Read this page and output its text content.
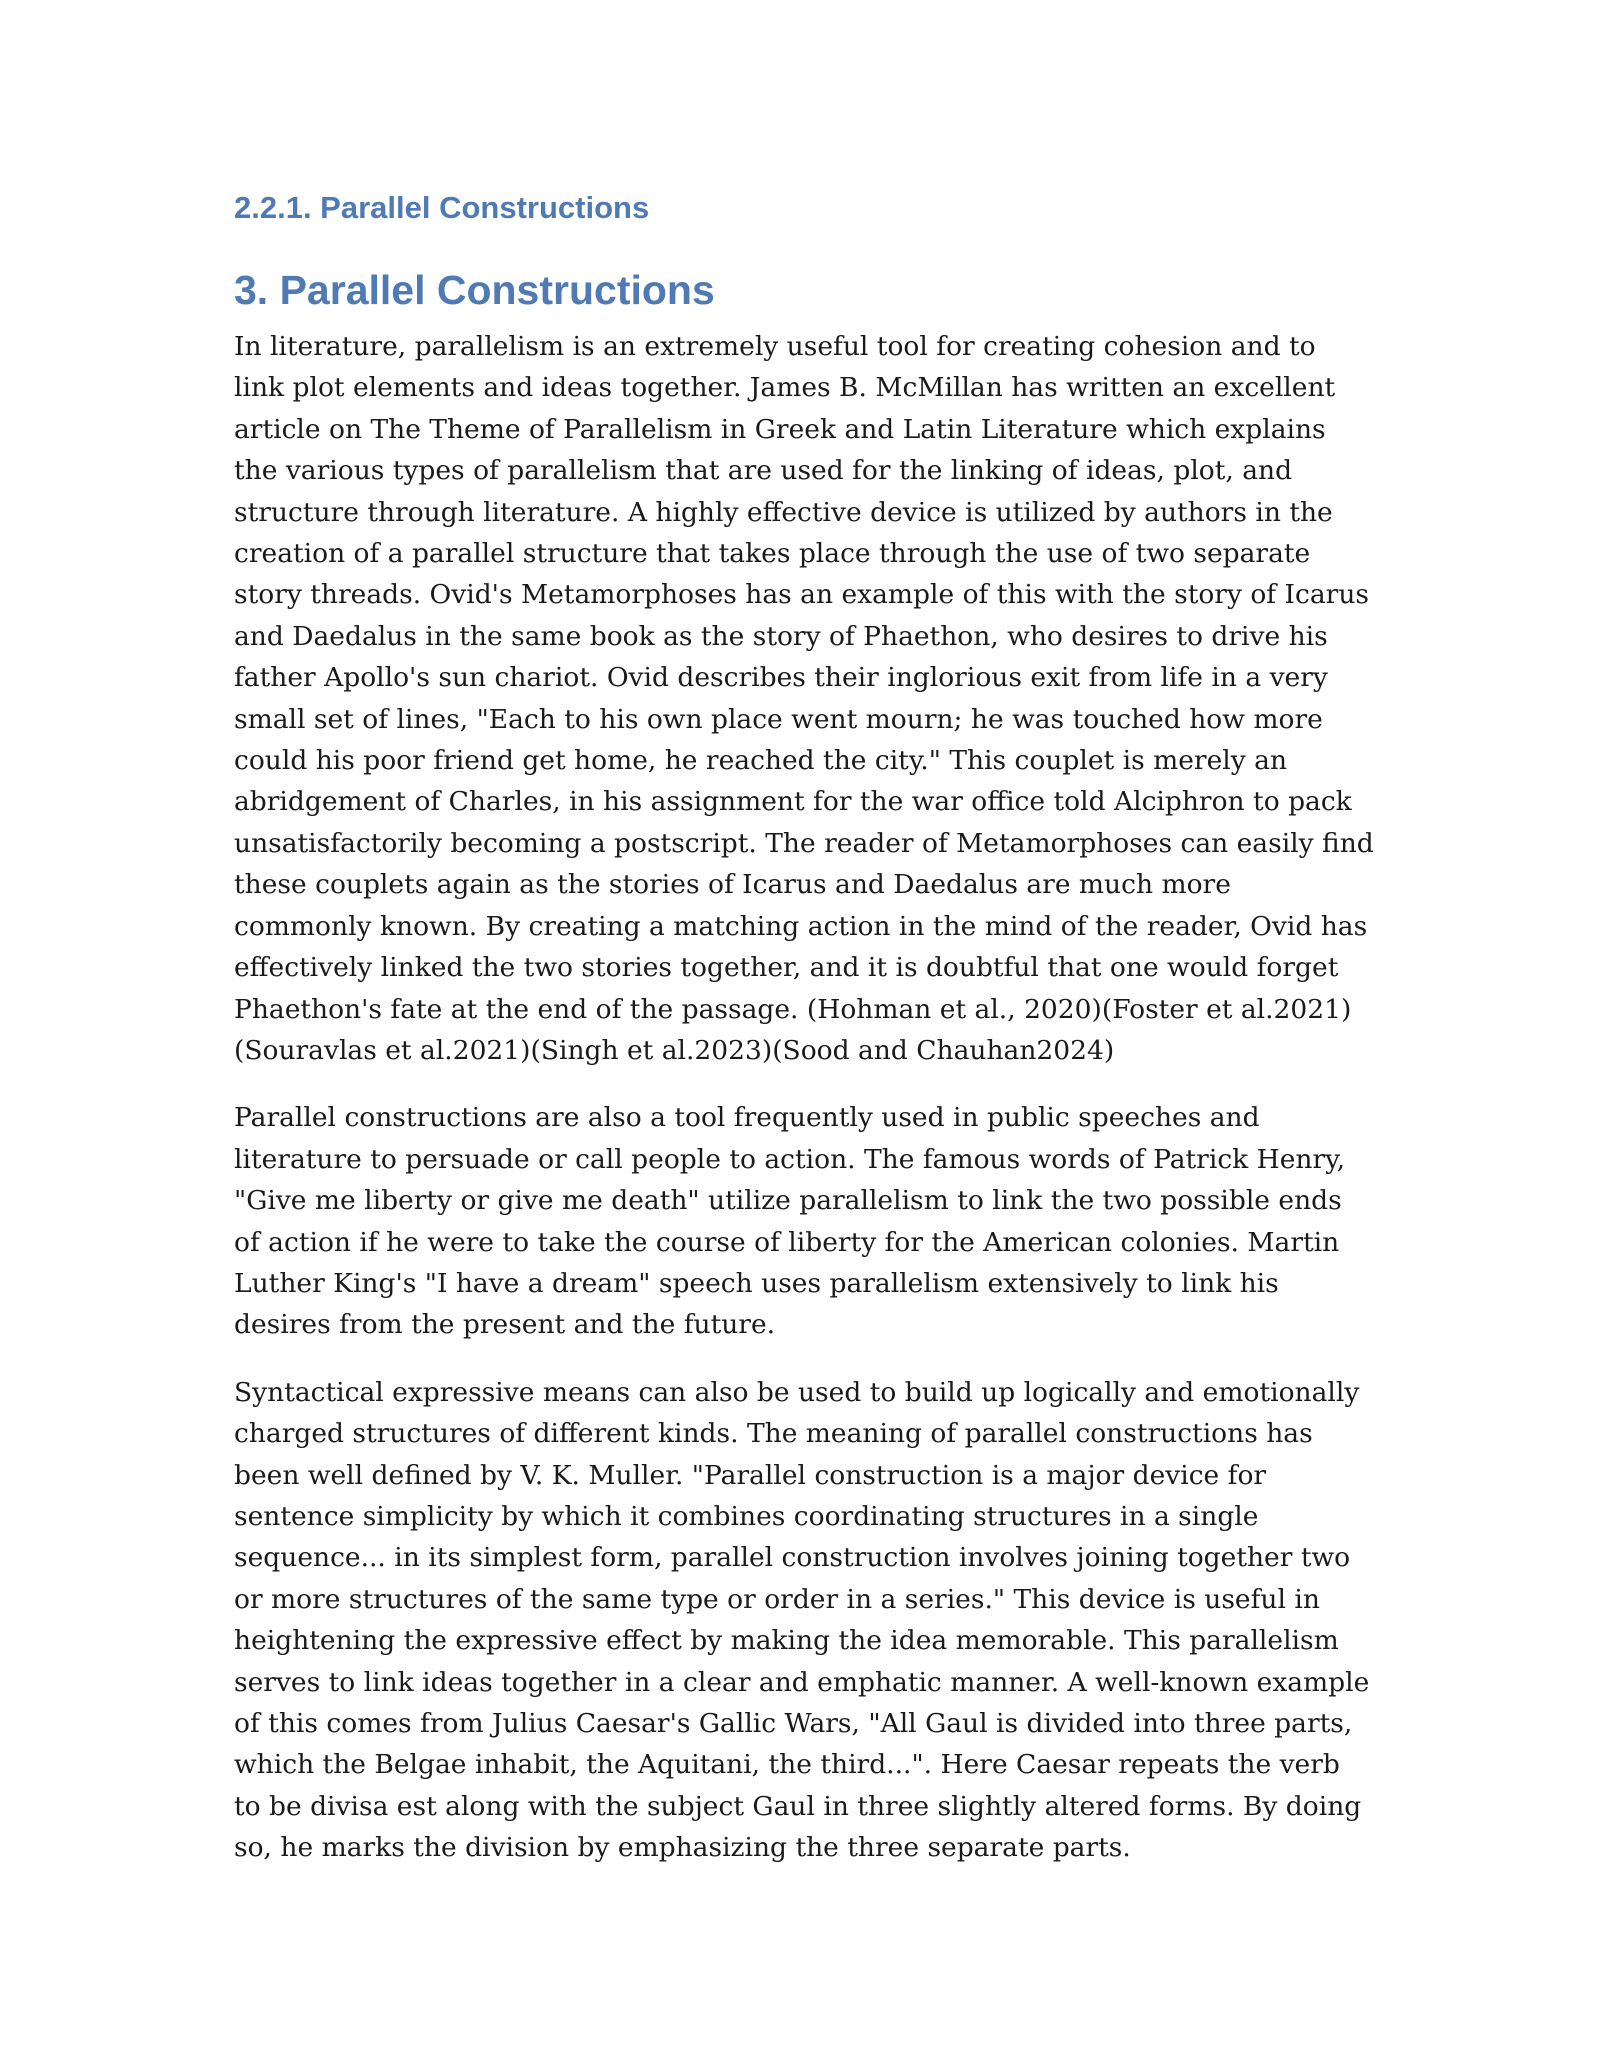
2.2.1. Parallel Constructions
3. Parallel Constructions

In literature, parallelism is an extremely useful tool for creating cohesion and to link plot elements and ideas together. James B. McMillan has written an excellent article on The Theme of Parallelism in Greek and Latin Literature which explains the various types of parallelism that are used for the linking of ideas, plot, and structure through literature. A highly effective device is utilized by authors in the creation of a parallel structure that takes place through the use of two separate story threads. Ovid's Metamorphoses has an example of this with the story of Icarus and Daedalus in the same book as the story of Phaethon, who desires to drive his father Apollo's sun chariot. Ovid describes their inglorious exit from life in a very small set of lines, "Each to his own place went mourn; he was touched how more could his poor friend get home, he reached the city." This couplet is merely an abridgement of Charles, in his assignment for the war office told Alciphron to pack unsatisfactorily becoming a postscript. The reader of Metamorphoses can easily find these couplets again as the stories of Icarus and Daedalus are much more commonly known. By creating a matching action in the mind of the reader, Ovid has effectively linked the two stories together, and it is doubtful that one would forget Phaethon's fate at the end of the passage. (Hohman et al., 2020)(Foster et al.2021)(Souravlas et al.2021)(Singh et al.2023)(Sood and Chauhan2024)

Parallel constructions are also a tool frequently used in public speeches and literature to persuade or call people to action. The famous words of Patrick Henry, "Give me liberty or give me death" utilize parallelism to link the two possible ends of action if he were to take the course of liberty for the American colonies. Martin Luther King's "I have a dream" speech uses parallelism extensively to link his desires from the present and the future.

Syntactical expressive means can also be used to build up logically and emotionally charged structures of different kinds. The meaning of parallel constructions has been well defined by V. K. Muller. "Parallel construction is a major device for sentence simplicity by which it combines coordinating structures in a single sequence... in its simplest form, parallel construction involves joining together two or more structures of the same type or order in a series." This device is useful in heightening the expressive effect by making the idea memorable. This parallelism serves to link ideas together in a clear and emphatic manner. A well-known example of this comes from Julius Caesar's Gallic Wars, "All Gaul is divided into three parts, which the Belgae inhabit, the Aquitani, the third...". Here Caesar repeats the verb to be divisa est along with the subject Gaul in three slightly altered forms. By doing so, he marks the division by emphasizing the three separate parts.
